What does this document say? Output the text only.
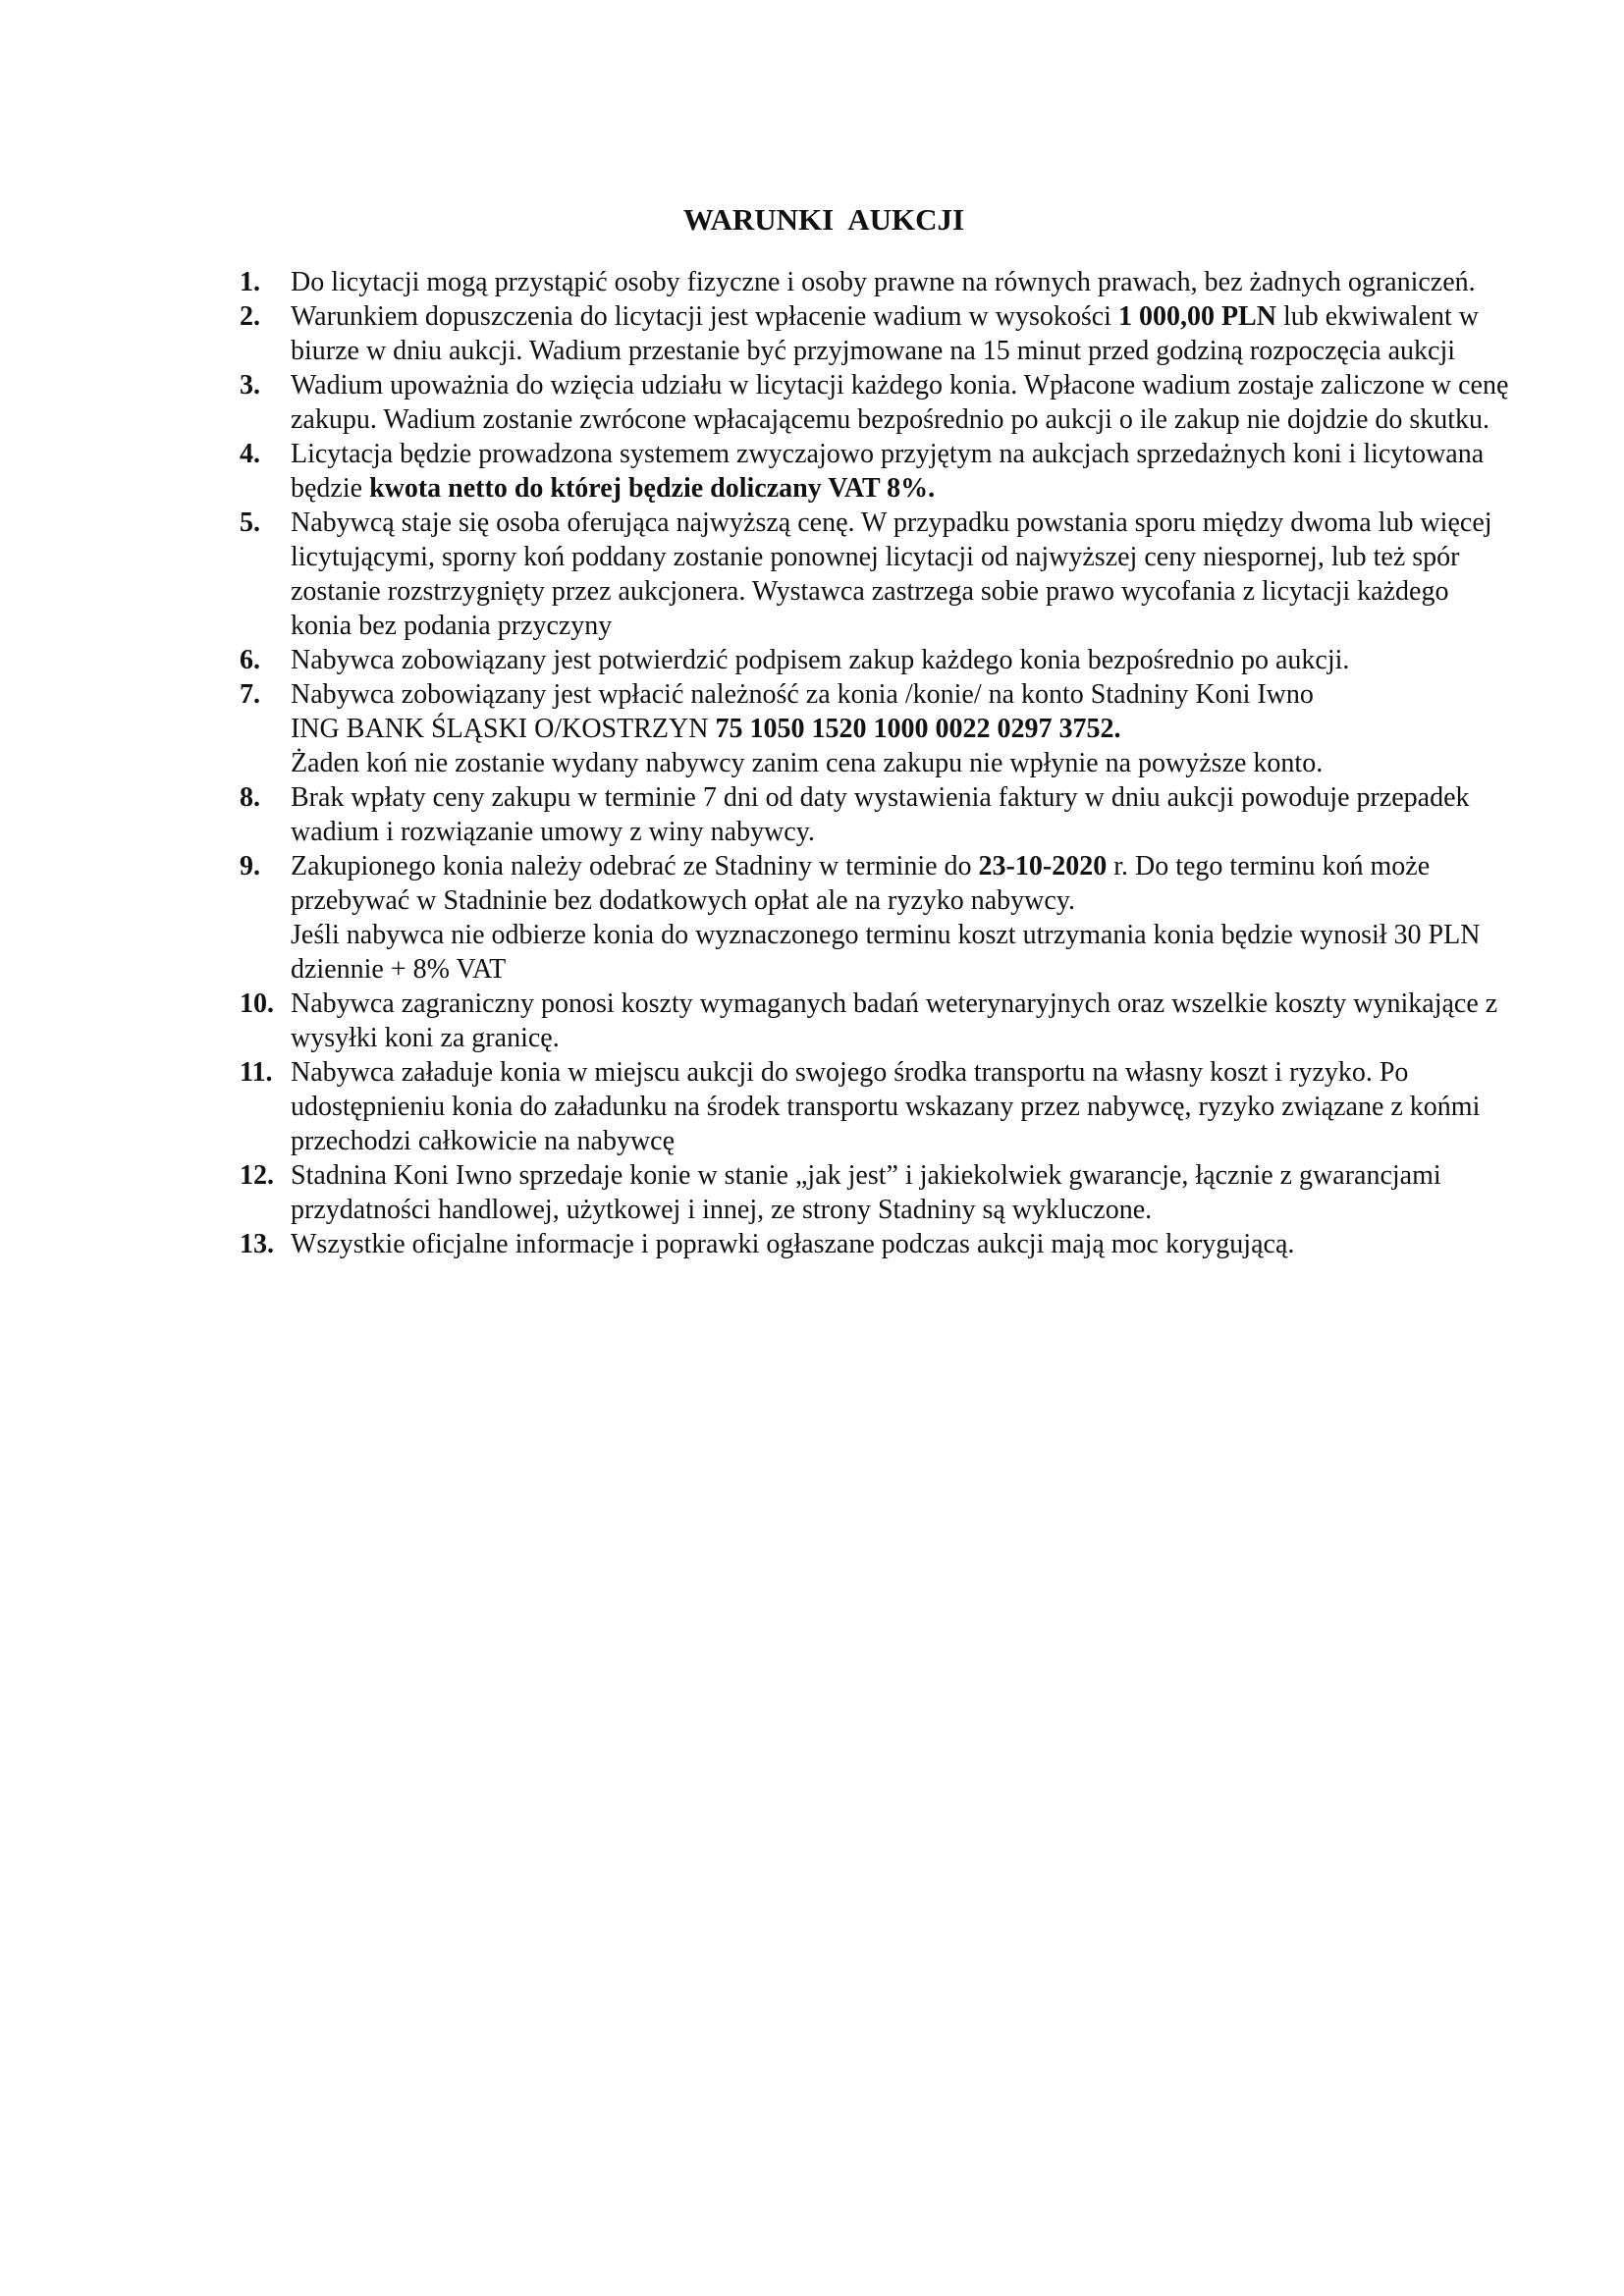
WARUNKI AUKCJI
1. Do licytacji mogą przystąpić osoby fizyczne i osoby prawne na równych prawach, bez żadnych ograniczeń.
2. Warunkiem dopuszczenia do licytacji jest wpłacenie wadium w wysokości 1 000,00 PLN lub ekwiwalent w biurze w dniu aukcji. Wadium przestanie być przyjmowane na 15 minut przed godziną rozpoczęcia aukcji
3. Wadium upoważnia do wzięcia udziału w licytacji każdego konia. Wpłacone wadium zostaje zaliczone w cenę zakupu. Wadium zostanie zwrócone wpłacającemu bezpośrednio po aukcji o ile zakup nie dojdzie do skutku.
4. Licytacja będzie prowadzona systemem zwyczajowo przyjętym na aukcjach sprzedażnych koni i licytowana będzie kwota netto do której będzie doliczany VAT 8%.
5. Nabywcą staje się osoba oferująca najwyższą cenę. W przypadku powstania sporu między dwoma lub więcej licytującymi, sporny koń poddany zostanie ponownej licytacji od najwyższej ceny niespornej, lub też spór zostanie rozstrzygnięty przez aukcjonera. Wystawca zastrzega sobie prawo wycofania z licytacji każdego konia bez podania przyczyny
6. Nabywca zobowiązany jest potwierdzić podpisem zakup każdego konia bezpośrednio po aukcji.
7. Nabywca zobowiązany jest wpłacić należność za konia /konie/ na konto Stadniny Koni Iwno
ING BANK ŚLĄSKI O/KOSTRZYN 75 1050 1520 1000 0022 0297 3752.
Żaden koń nie zostanie wydany nabywcy zanim cena zakupu nie wpłynie na powyższe konto.
8. Brak wpłaty ceny zakupu w terminie 7 dni od daty wystawienia faktury w dniu aukcji powoduje przepadek wadium i rozwiązanie umowy z winy nabywcy.
9. Zakupionego konia należy odebrać ze Stadniny w terminie do 23-10-2020 r. Do tego terminu koń może przebywać w Stadninie bez dodatkowych opłat ale na ryzyko nabywcy.
Jeśli nabywca nie odbierze konia do wyznaczonego terminu koszt utrzymania konia będzie wynosił 30 PLN dziennie + 8% VAT
10. Nabywca zagraniczny ponosi koszty wymaganych badań weterynaryjnych oraz wszelkie koszty wynikające z wysyłki koni za granicę.
11. Nabywca załaduje konia w miejscu aukcji do swojego środka transportu na własny koszt i ryzyko. Po udostępnieniu konia do załadunku na środek transportu wskazany przez nabywcę, ryzyko związane z końmi przechodzi całkowicie na nabywcę
12. Stadnina Koni Iwno sprzedaje konie w stanie „jak jest” i jakiekolwiek gwarancje, łącznie z gwarancjami przydatności handlowej, użytkowej i innej, ze strony Stadniny są wykluczone.
13. Wszystkie oficjalne informacje i poprawki ogłaszane podczas aukcji mają moc korygującą.
